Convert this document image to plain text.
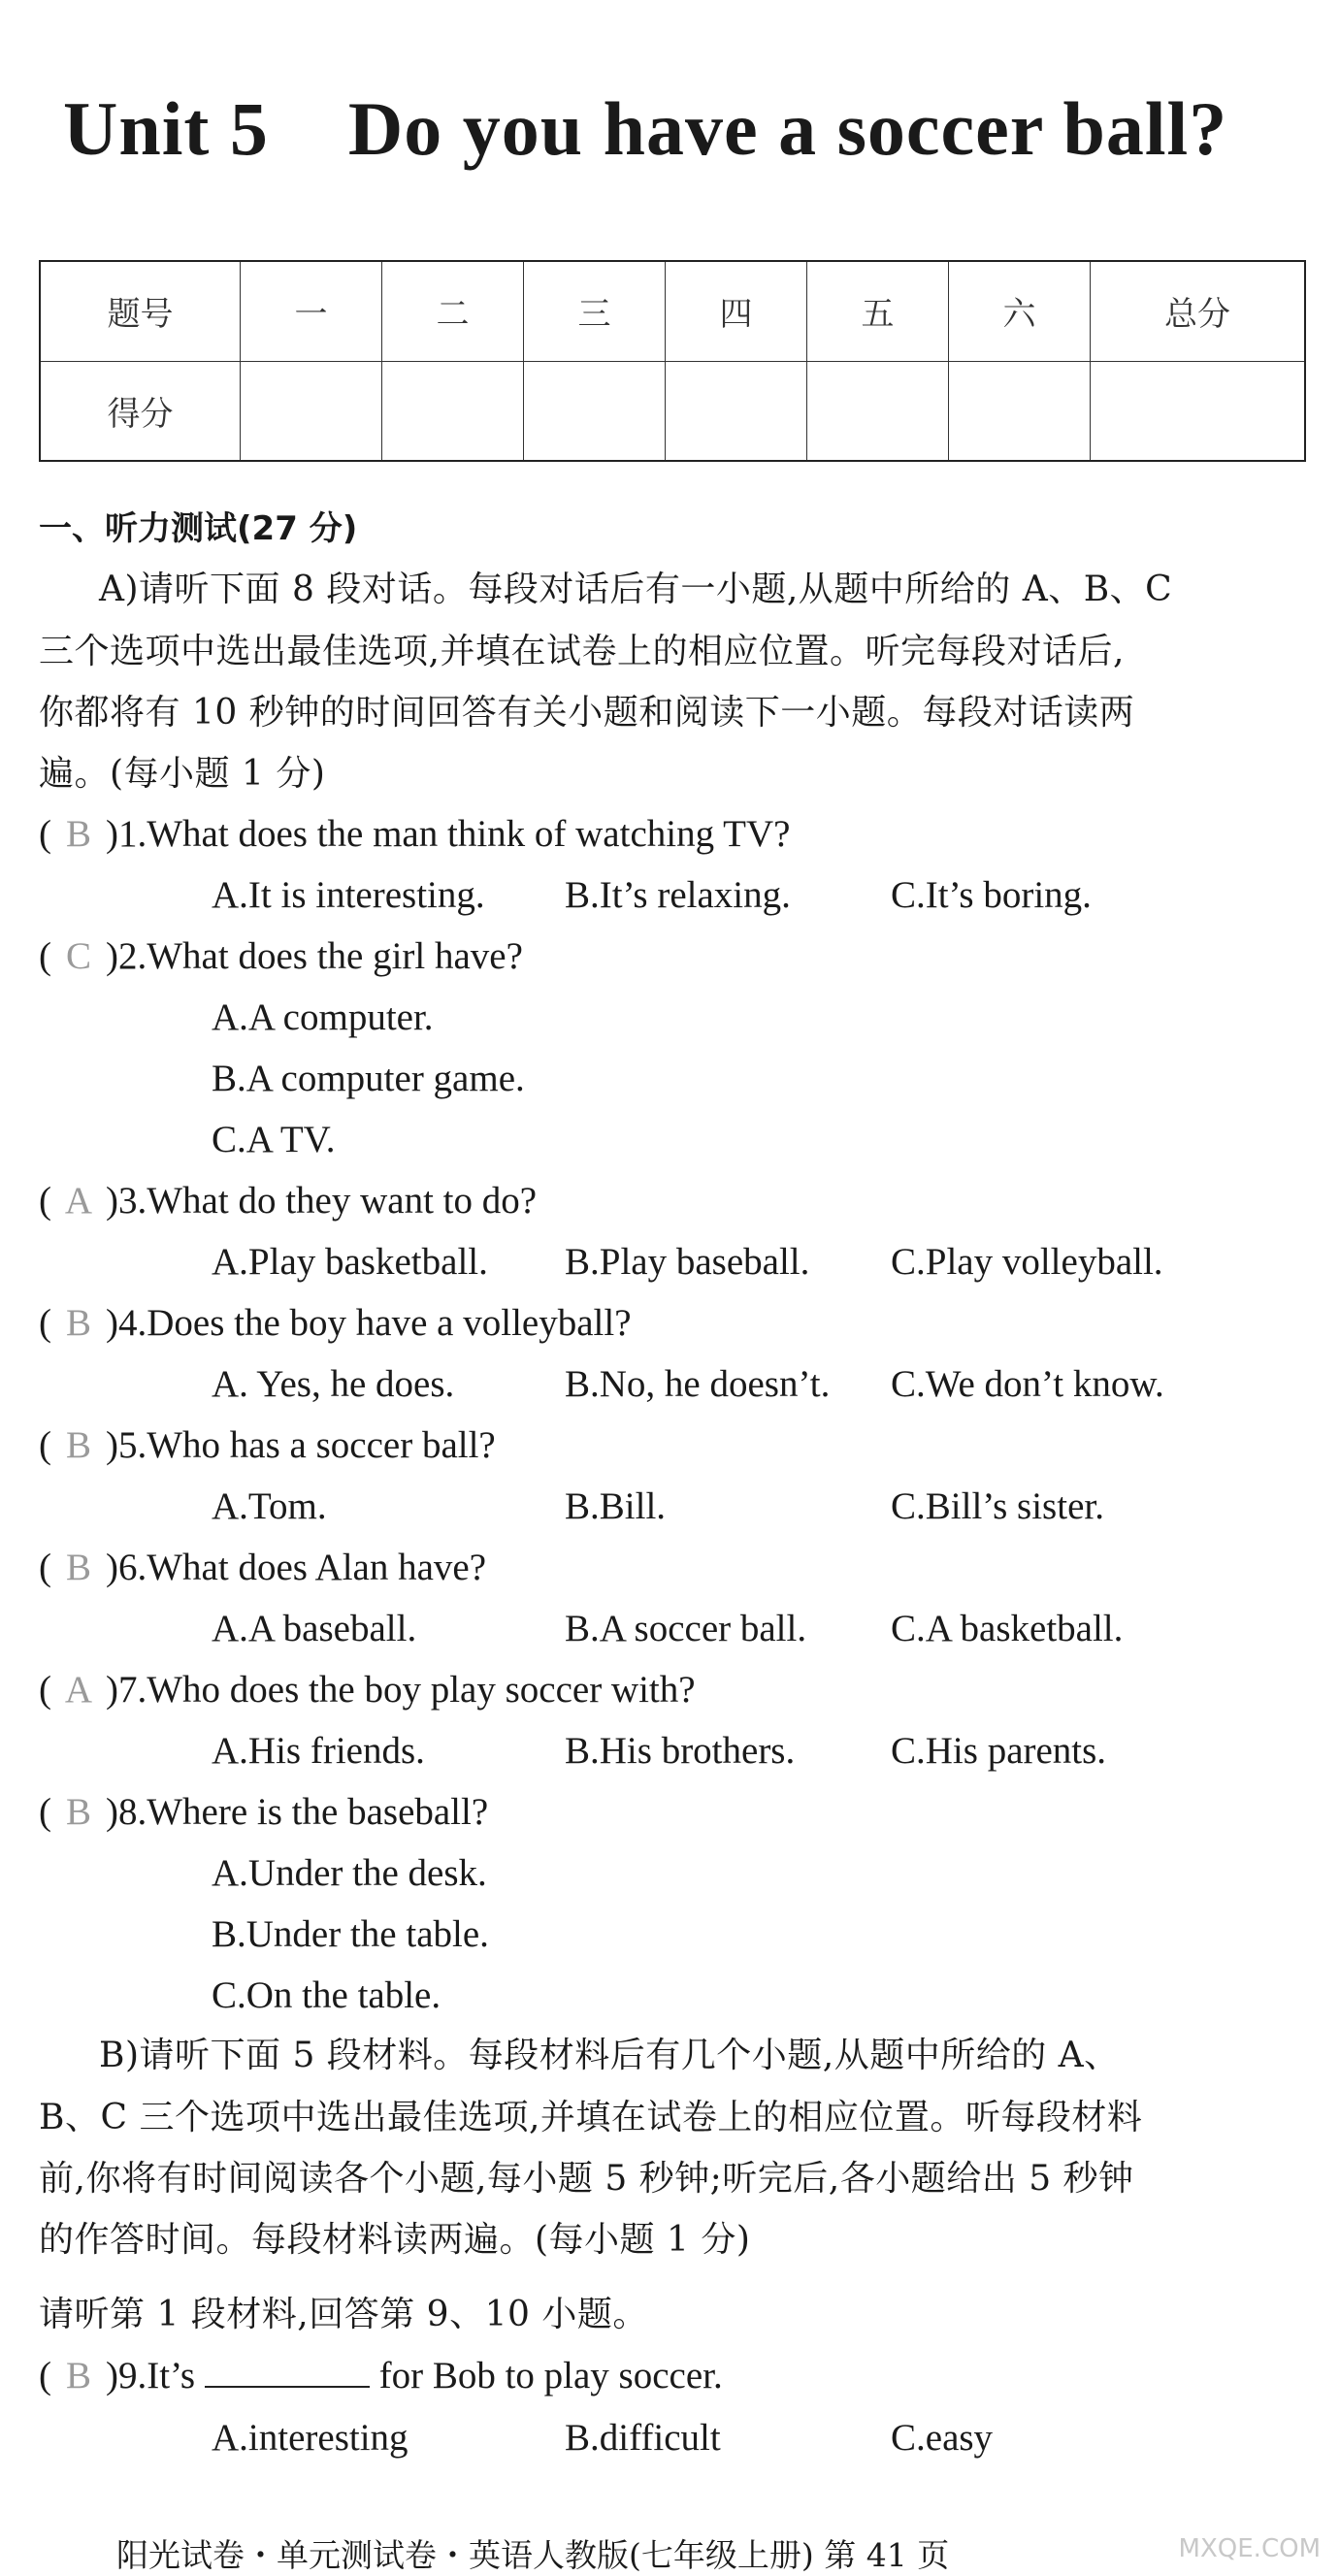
Unit 5 Do you have a soccer ball?
题号	一	二	三	四	五	六	总分
得分							
一、听力测试(27 分)
A)请听下面 8 段对话。每段对话后有一小题,从题中所给的 A、B、C
三个选项中选出最佳选项,并填在试卷上的相应位置。听完每段对话后,
你都将有 10 秒钟的时间回答有关小题和阅读下一小题。每段对话读两
遍。(每小题 1 分)
( B )1.What does the man think of watching TV?
A.It is interesting. B.It’s relaxing.	C.It’s boring.
( C )2.What does the girl have?
A.A computer.
B.A computer game.
C.A TV.
( A )3.What do they want to do?
A.Play basketball. B.Play baseball. C.Play volleyball.
( B )4.Does the boy have a volleyball?
A. Yes, he does.	B.No, he doesn’t. C.We don’t know.
( B )5.Who has a soccer ball?
A.Tom.	B.Bill.	C.Bill’s sister.
( B )6.What does Alan have?
A.A baseball.	B.A soccer ball. C.A basketball.
( A )7.Who does the boy play soccer with?
A.His friends.	B.His brothers.	C.His parents.
( B )8.Where is the baseball?
A.Under the desk.
B.Under the table.
C.On the table.
B)请听下面 5 段材料。每段材料后有几个小题,从题中所给的 A、
B、C 三个选项中选出最佳选项,并填在试卷上的相应位置。听每段材料
前,你将有时间阅读各个小题,每小题 5 秒钟;听完后,各小题给出 5 秒钟
的作答时间。每段材料读两遍。(每小题 1 分)
请听第 1 段材料,回答第 9、10 小题。
( B )9.It’s	for Bob to play soccer.
A.interesting	B.difficult	C.easy
阳光试卷・单元测试卷・英语人教版(七年级上册) 第 41 页	MXQE.COM
